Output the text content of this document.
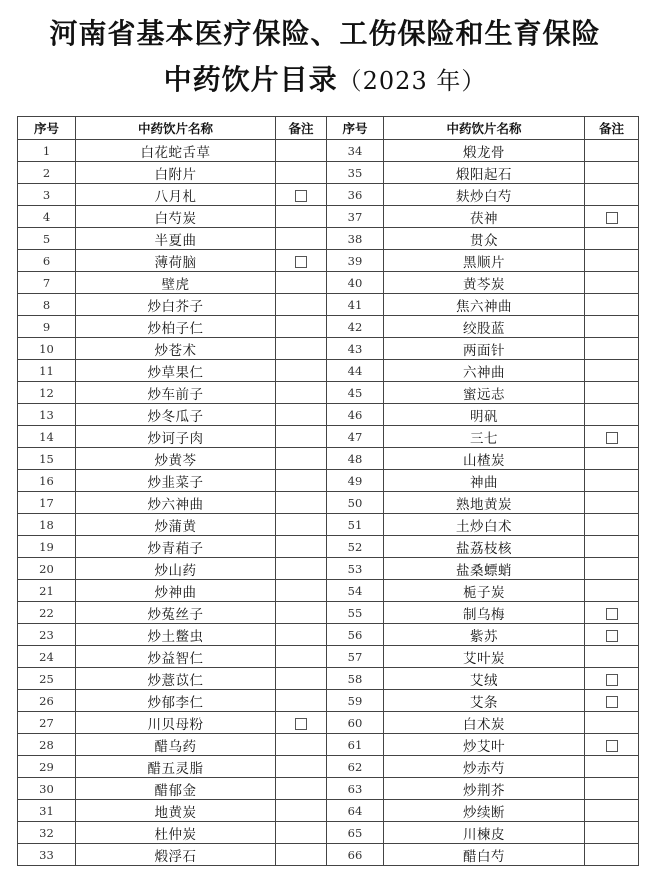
河南省基本医疗保险、工伤保险和生育保险
中药饮片目录（2023 年）
序号	中药饮片名称	备注	序号	中药饮片名称	备注
1	白花蛇舌草		34	煅龙骨	
2	白附片		35	煅阳起石	
3	八月札		36	麸炒白芍	
4	白芍炭		37	茯神	
5	半夏曲		38	贯众	
6	薄荷脑		39	黑顺片	
7	壁虎		40	黄芩炭	
8	炒白芥子		41	焦六神曲	
9	炒柏子仁		42	绞股蓝	
10	炒苍术		43	两面针	
11	炒草果仁		44	六神曲	
12	炒车前子		45	蜜远志	
13	炒冬瓜子		46	明矾	
14	炒诃子肉		47	三七	
15	炒黄芩		48	山楂炭	
16	炒韭菜子		49	神曲	
17	炒六神曲		50	熟地黄炭	
18	炒蒲黄		51	土炒白术	
19	炒青葙子		52	盐荔枝核	
20	炒山药		53	盐桑螵蛸	
21	炒神曲		54	栀子炭	
22	炒菟丝子		55	制乌梅	
23	炒土鳖虫		56	紫苏	
24	炒益智仁		57	艾叶炭	
25	炒薏苡仁		58	艾绒	
26	炒郁李仁		59	艾条	
27	川贝母粉		60	白术炭	
28	醋乌药		61	炒艾叶	
29	醋五灵脂		62	炒赤芍	
30	醋郁金		63	炒荆芥	
31	地黄炭		64	炒续断	
32	杜仲炭		65	川楝皮	
33	煅浮石		66	醋白芍	
